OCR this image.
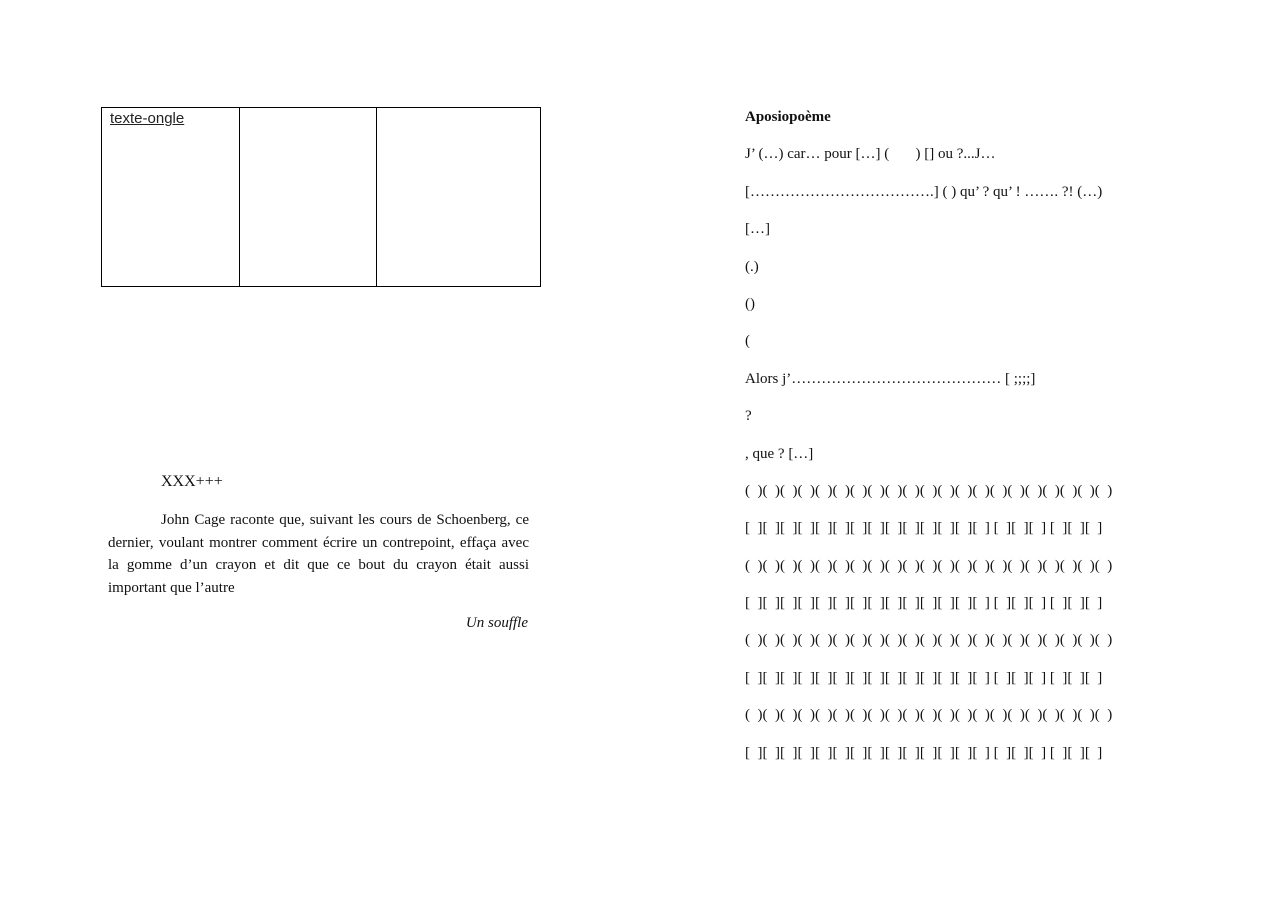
texte-ongle		

XXX+++

John Cage raconte que, suivant les cours de Schoenberg, ce dernier, voulant montrer comment écrire un contrepoint, effaça avec la gomme d’un crayon et dit que ce bout du crayon était aussi important que l’autre

Un souffle

Aposiopoème
J’ (…) car… pour […] (       ) [] ou ?...J…
[……………………………….] ( ) qu’ ? qu’ ! ……. ?! (…)
[…]
(.)
()
(
Alors j’…………………………………… [ ;;;;]
?
, que ? […]
(  )(  )(  )(  )(  )(  )(  )(  )(  )(  )(  )(  )(  )(  )(  )(  )(  )(  )(  )(  )(  )
[  ][  ][  ][  ][  ][  ][  ][  ][  ][  ][  ][  ][  ][  ] [  ][  ][  ] [  ][  ][  ]
(  )(  )(  )(  )(  )(  )(  )(  )(  )(  )(  )(  )(  )(  )(  )(  )(  )(  )(  )(  )(  )
[  ][  ][  ][  ][  ][  ][  ][  ][  ][  ][  ][  ][  ][  ] [  ][  ][  ] [  ][  ][  ]
(  )(  )(  )(  )(  )(  )(  )(  )(  )(  )(  )(  )(  )(  )(  )(  )(  )(  )(  )(  )(  )
[  ][  ][  ][  ][  ][  ][  ][  ][  ][  ][  ][  ][  ][  ] [  ][  ][  ] [  ][  ][  ]
(  )(  )(  )(  )(  )(  )(  )(  )(  )(  )(  )(  )(  )(  )(  )(  )(  )(  )(  )(  )(  )
[  ][  ][  ][  ][  ][  ][  ][  ][  ][  ][  ][  ][  ][  ] [  ][  ][  ] [  ][  ][  ]
